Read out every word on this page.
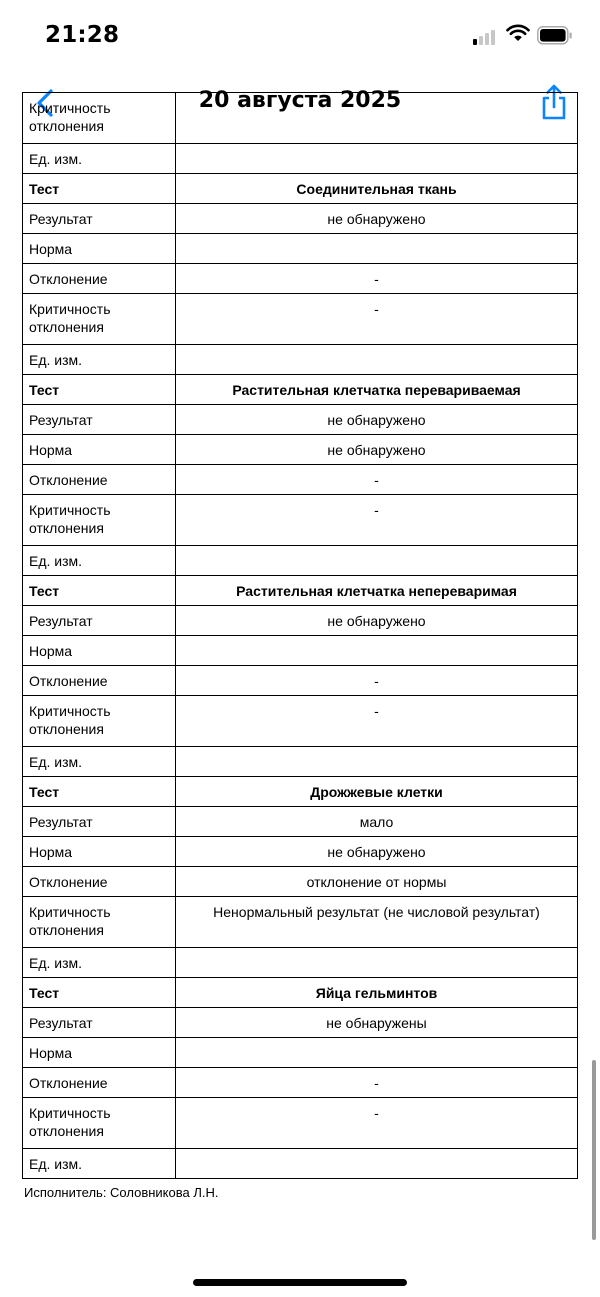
21:28
20 августа 2025
Критичность отклонения	
Ед. изм.	
Тест	Соединительная ткань
Результат	не обнаружено
Норма	
Отклонение	-
Критичность отклонения	-
Ед. изм.	
Тест	Растительная клетчатка перевариваемая
Результат	не обнаружено
Норма	не обнаружено
Отклонение	-
Критичность отклонения	-
Ед. изм.	
Тест	Растительная клетчатка непереваримая
Результат	не обнаружено
Норма	
Отклонение	-
Критичность отклонения	-
Ед. изм.	
Тест	Дрожжевые клетки
Результат	мало
Норма	не обнаружено
Отклонение	отклонение от нормы
Критичность отклонения	Ненормальный результат (не числовой результат)
Ед. изм.	
Тест	Яйца гельминтов
Результат	не обнаружены
Норма	
Отклонение	-
Критичность отклонения	-
Ед. изм.	
Исполнитель: Соловникова Л.Н.
